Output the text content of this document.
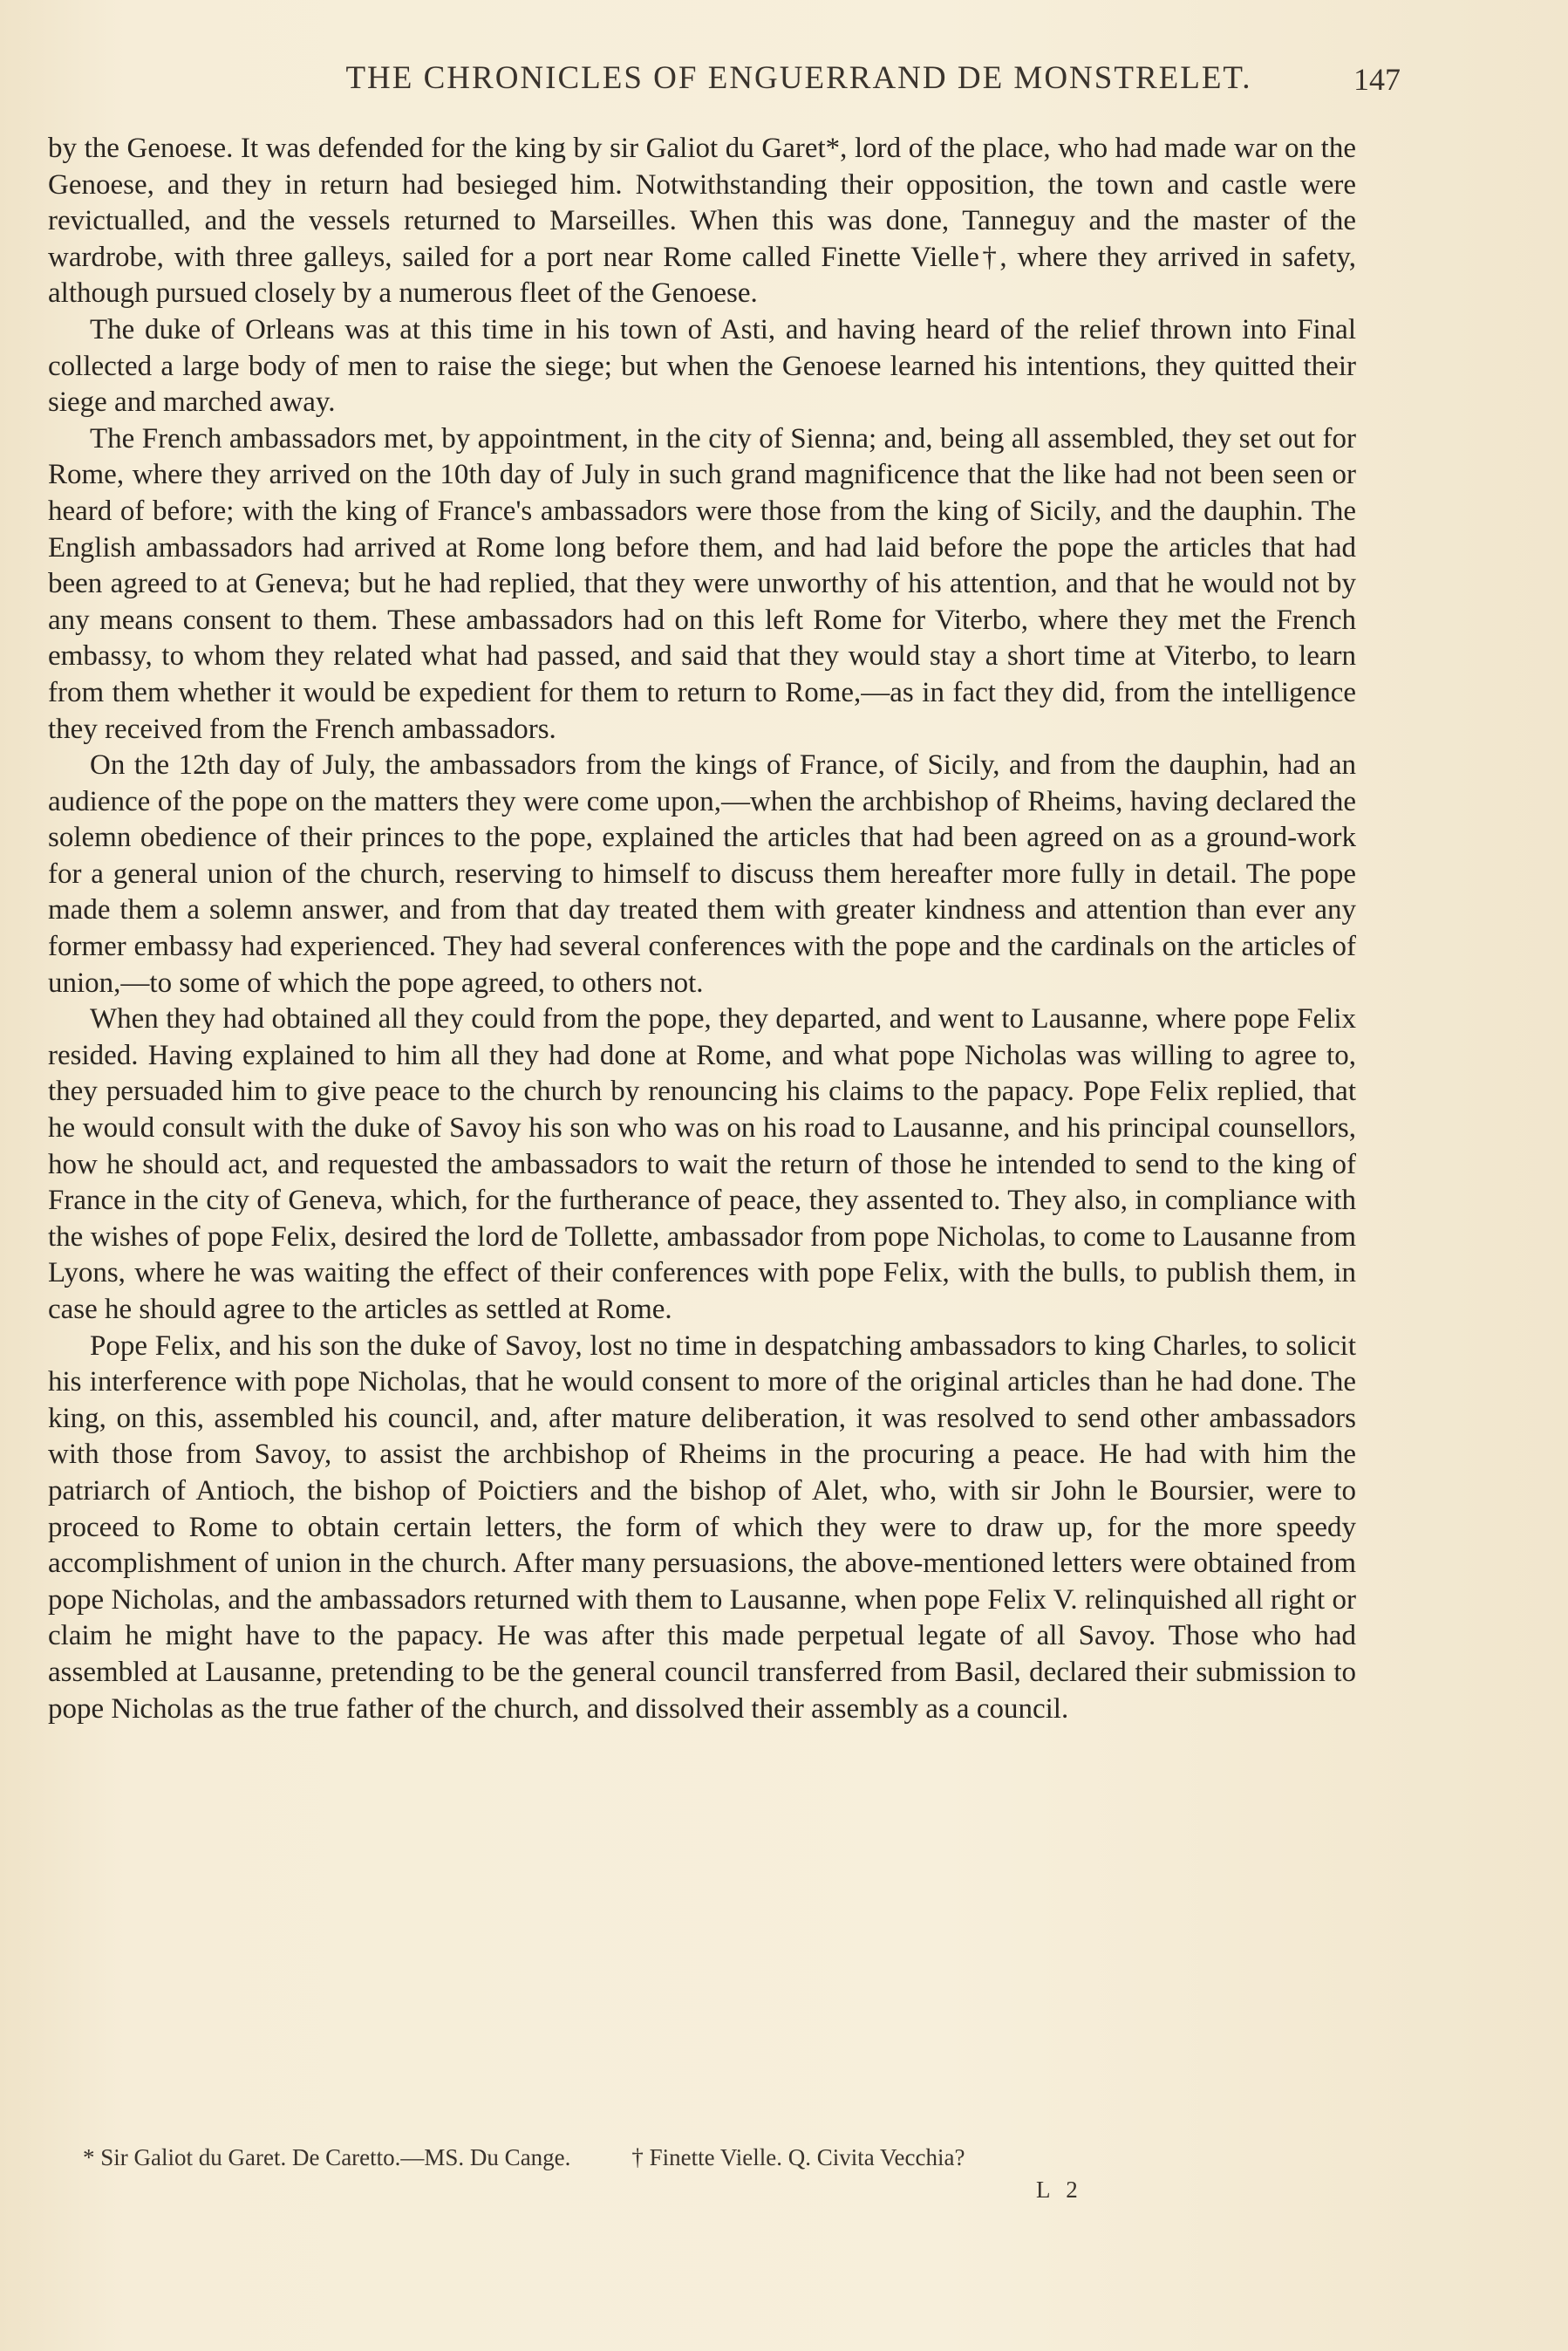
THE CHRONICLES OF ENGUERRAND DE MONSTRELET.	147

by the Genoese. It was defended for the king by sir Galiot du Garet*, lord of the place, who had made war on the Genoese, and they in return had besieged him. Notwithstanding their opposition, the town and castle were revictualled, and the vessels returned to Marseilles. When this was done, Tanneguy and the master of the wardrobe, with three galleys, sailed for a port near Rome called Finette Vielle†, where they arrived in safety, although pursued closely by a numerous fleet of the Genoese.

The duke of Orleans was at this time in his town of Asti, and having heard of the relief thrown into Final collected a large body of men to raise the siege; but when the Genoese learned his intentions, they quitted their siege and marched away.

The French ambassadors met, by appointment, in the city of Sienna; and, being all assembled, they set out for Rome, where they arrived on the 10th day of July in such grand magnificence that the like had not been seen or heard of before; with the king of France's ambassadors were those from the king of Sicily, and the dauphin. The English ambassadors had arrived at Rome long before them, and had laid before the pope the articles that had been agreed to at Geneva; but he had replied, that they were unworthy of his attention, and that he would not by any means consent to them. These ambassadors had on this left Rome for Viterbo, where they met the French embassy, to whom they related what had passed, and said that they would stay a short time at Viterbo, to learn from them whether it would be expedient for them to return to Rome,—as in fact they did, from the intelligence they received from the French ambassadors.

On the 12th day of July, the ambassadors from the kings of France, of Sicily, and from the dauphin, had an audience of the pope on the matters they were come upon,—when the archbishop of Rheims, having declared the solemn obedience of their princes to the pope, explained the articles that had been agreed on as a ground-work for a general union of the church, reserving to himself to discuss them hereafter more fully in detail. The pope made them a solemn answer, and from that day treated them with greater kindness and attention than ever any former embassy had experienced. They had several conferences with the pope and the cardinals on the articles of union,—to some of which the pope agreed, to others not.

When they had obtained all they could from the pope, they departed, and went to Lausanne, where pope Felix resided. Having explained to him all they had done at Rome, and what pope Nicholas was willing to agree to, they persuaded him to give peace to the church by renouncing his claims to the papacy. Pope Felix replied, that he would consult with the duke of Savoy his son who was on his road to Lausanne, and his principal counsellors, how he should act, and requested the ambassadors to wait the return of those he intended to send to the king of France in the city of Geneva, which, for the furtherance of peace, they assented to. They also, in compliance with the wishes of pope Felix, desired the lord de Tollette, ambassador from pope Nicholas, to come to Lausanne from Lyons, where he was waiting the effect of their conferences with pope Felix, with the bulls, to publish them, in case he should agree to the articles as settled at Rome.

Pope Felix, and his son the duke of Savoy, lost no time in despatching ambassadors to king Charles, to solicit his interference with pope Nicholas, that he would consent to more of the original articles than he had done. The king, on this, assembled his council, and, after mature deliberation, it was resolved to send other ambassadors with those from Savoy, to assist the archbishop of Rheims in the procuring a peace. He had with him the patriarch of Antioch, the bishop of Poictiers and the bishop of Alet, who, with sir John le Boursier, were to proceed to Rome to obtain certain letters, the form of which they were to draw up, for the more speedy accomplishment of union in the church. After many persuasions, the above-mentioned letters were obtained from pope Nicholas, and the ambassadors returned with them to Lausanne, when pope Felix V. relinquished all right or claim he might have to the papacy. He was after this made perpetual legate of all Savoy. Those who had assembled at Lausanne, pretending to be the general council transferred from Basil, declared their submission to pope Nicholas as the true father of the church, and dissolved their assembly as a council.

* Sir Galiot du Garet. De Caretto.—MS. Du Cange.	† Finette Vielle. Q. Civita Vecchia?
L 2
